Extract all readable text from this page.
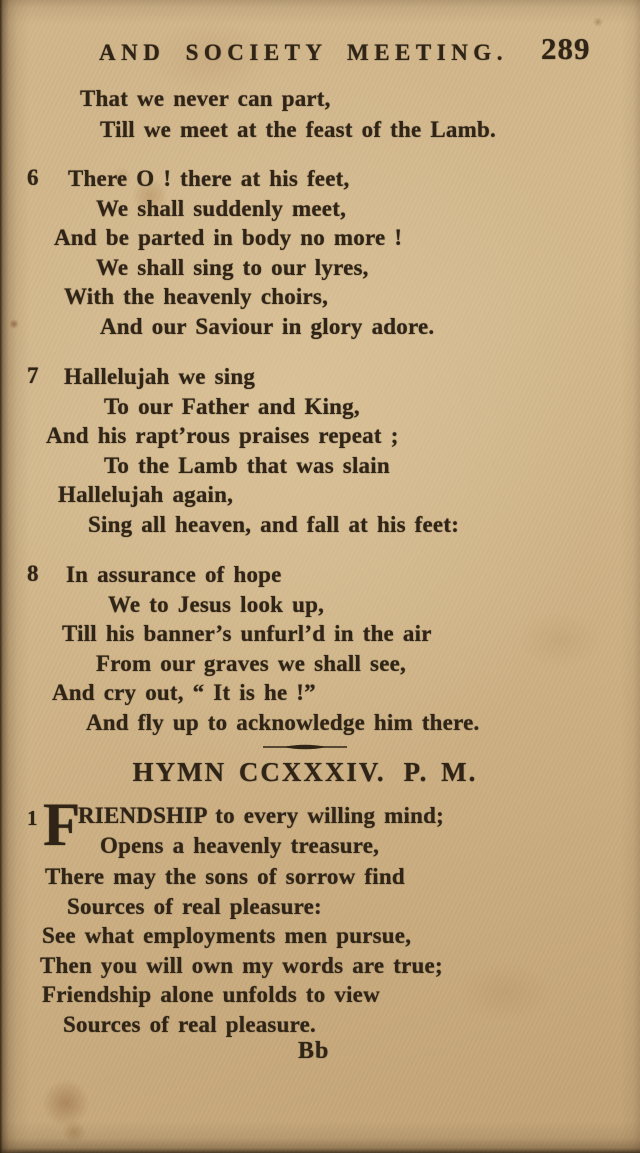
AND SOCIETY MEETING. 289
That we never can part,
Till we meet at the feast of the Lamb.
6 There O ! there at his feet,
We shall suddenly meet,
And be parted in body no more !
We shall sing to our lyres,
With the heavenly choirs,
And our Saviour in glory adore.
7 Hallelujah we sing
To our Father and King,
And his rapt’rous praises repeat ;
To the Lamb that was slain
Hallelujah again,
Sing all heaven, and fall at his feet:
8 In assurance of hope
We to Jesus look up,
Till his banner’s unfurl’d in the air
From our graves we shall see,
And cry out, “ It is he !”
And fly up to acknowledge him there.
HYMN CCXXXIV. P. M.
1 F
RIENDSHIP to every willing mind;
Opens a heavenly treasure,
There may the sons of sorrow find
Sources of real pleasure:
See what employments men pursue,
Then you will own my words are true;
Friendship alone unfolds to view
Sources of real pleasure.
Bb
